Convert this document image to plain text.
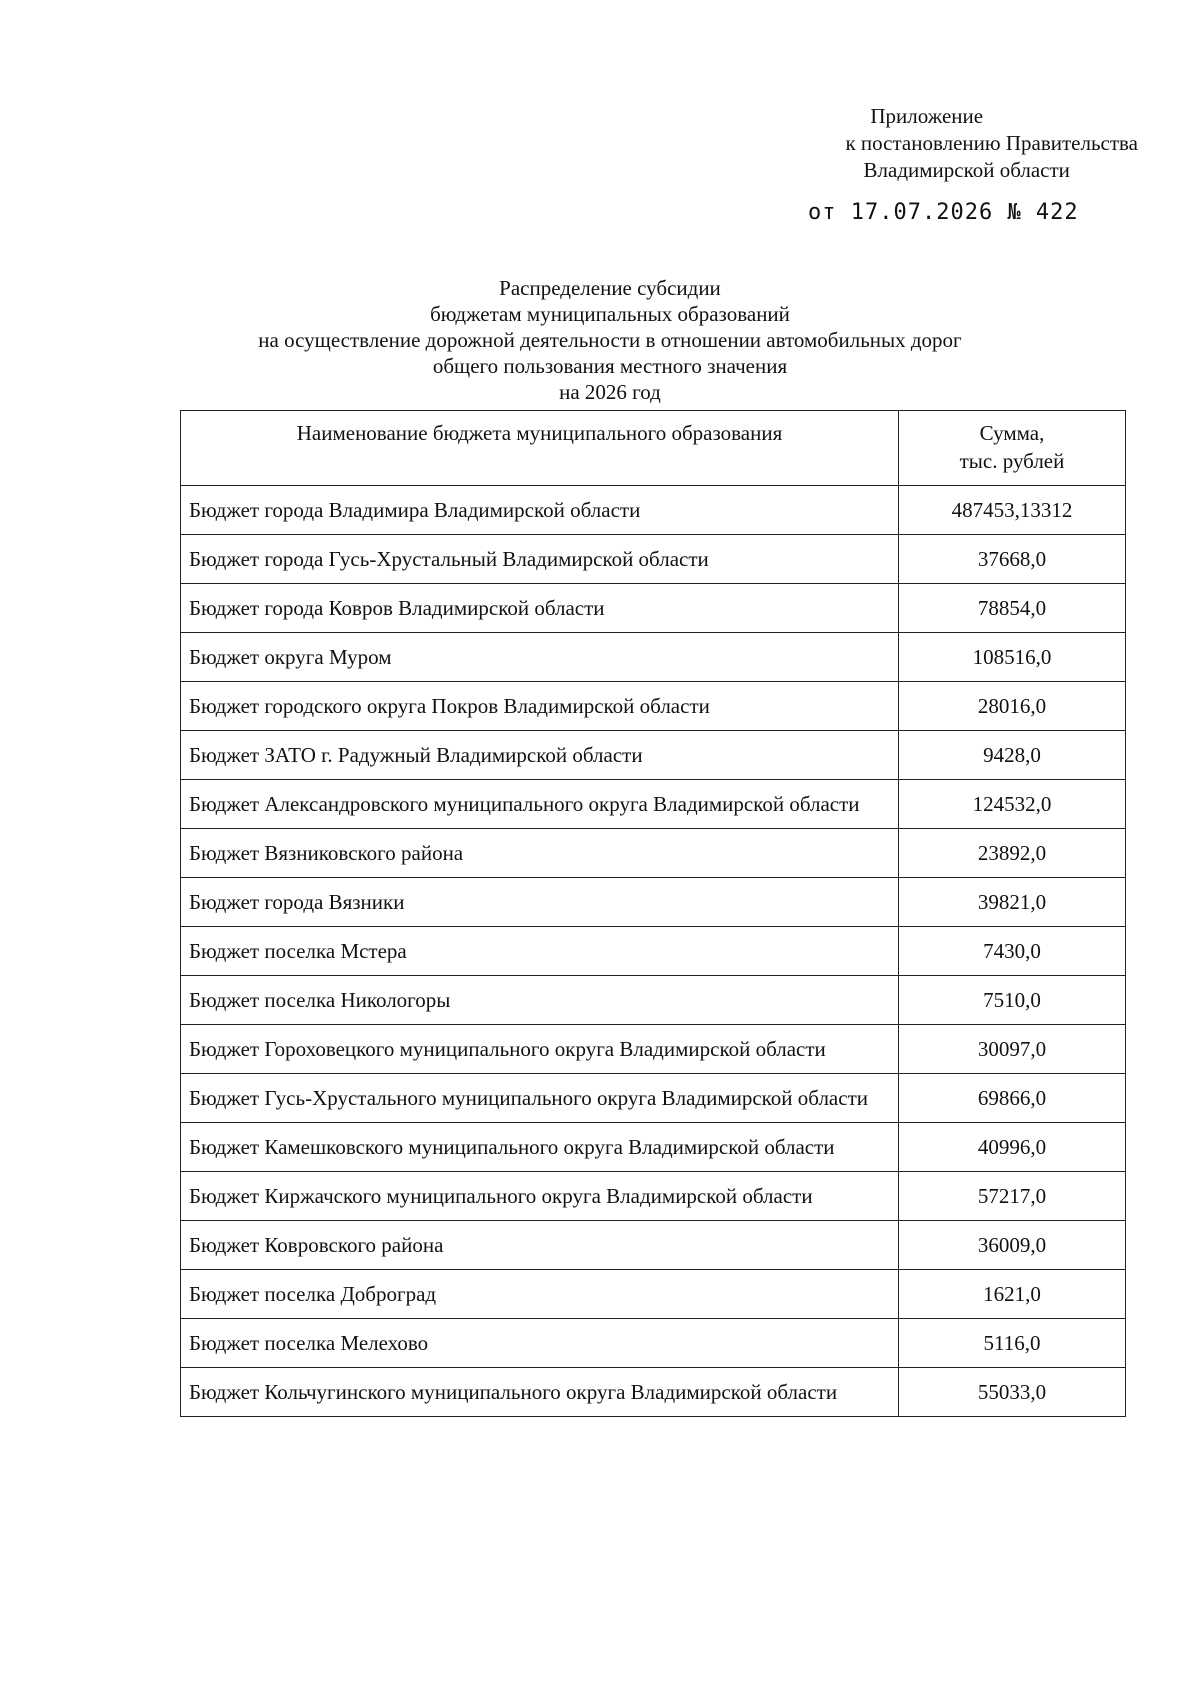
Приложение
к постановлению Правительства
Владимирской области
от 17.07.2026 № 422
Распределение субсидии
бюджетам муниципальных образований
на осуществление дорожной деятельности в отношении автомобильных дорог
общего пользования местного значения
на 2026 год
Наименование бюджета муниципального образования	Сумма,
тыс. рублей
Бюджет города Владимира Владимирской области	487453,13312
Бюджет города Гусь-Хрустальный Владимирской области	37668,0
Бюджет города Ковров Владимирской области	78854,0
Бюджет округа Муром	108516,0
Бюджет городского округа Покров Владимирской области	28016,0
Бюджет ЗАТО г. Радужный Владимирской области	9428,0
Бюджет Александровского муниципального округа Владимирской области	124532,0
Бюджет Вязниковского района	23892,0
Бюджет города Вязники	39821,0
Бюджет поселка Мстера	7430,0
Бюджет поселка Никологоры	7510,0
Бюджет Гороховецкого муниципального округа Владимирской области	30097,0
Бюджет Гусь-Хрустального муниципального округа Владимирской области	69866,0
Бюджет Камешковского муниципального округа Владимирской области	40996,0
Бюджет Киржачского муниципального округа Владимирской области	57217,0
Бюджет Ковровского района	36009,0
Бюджет поселка Доброград	1621,0
Бюджет поселка Мелехово	5116,0
Бюджет Кольчугинского муниципального округа Владимирской области	55033,0
